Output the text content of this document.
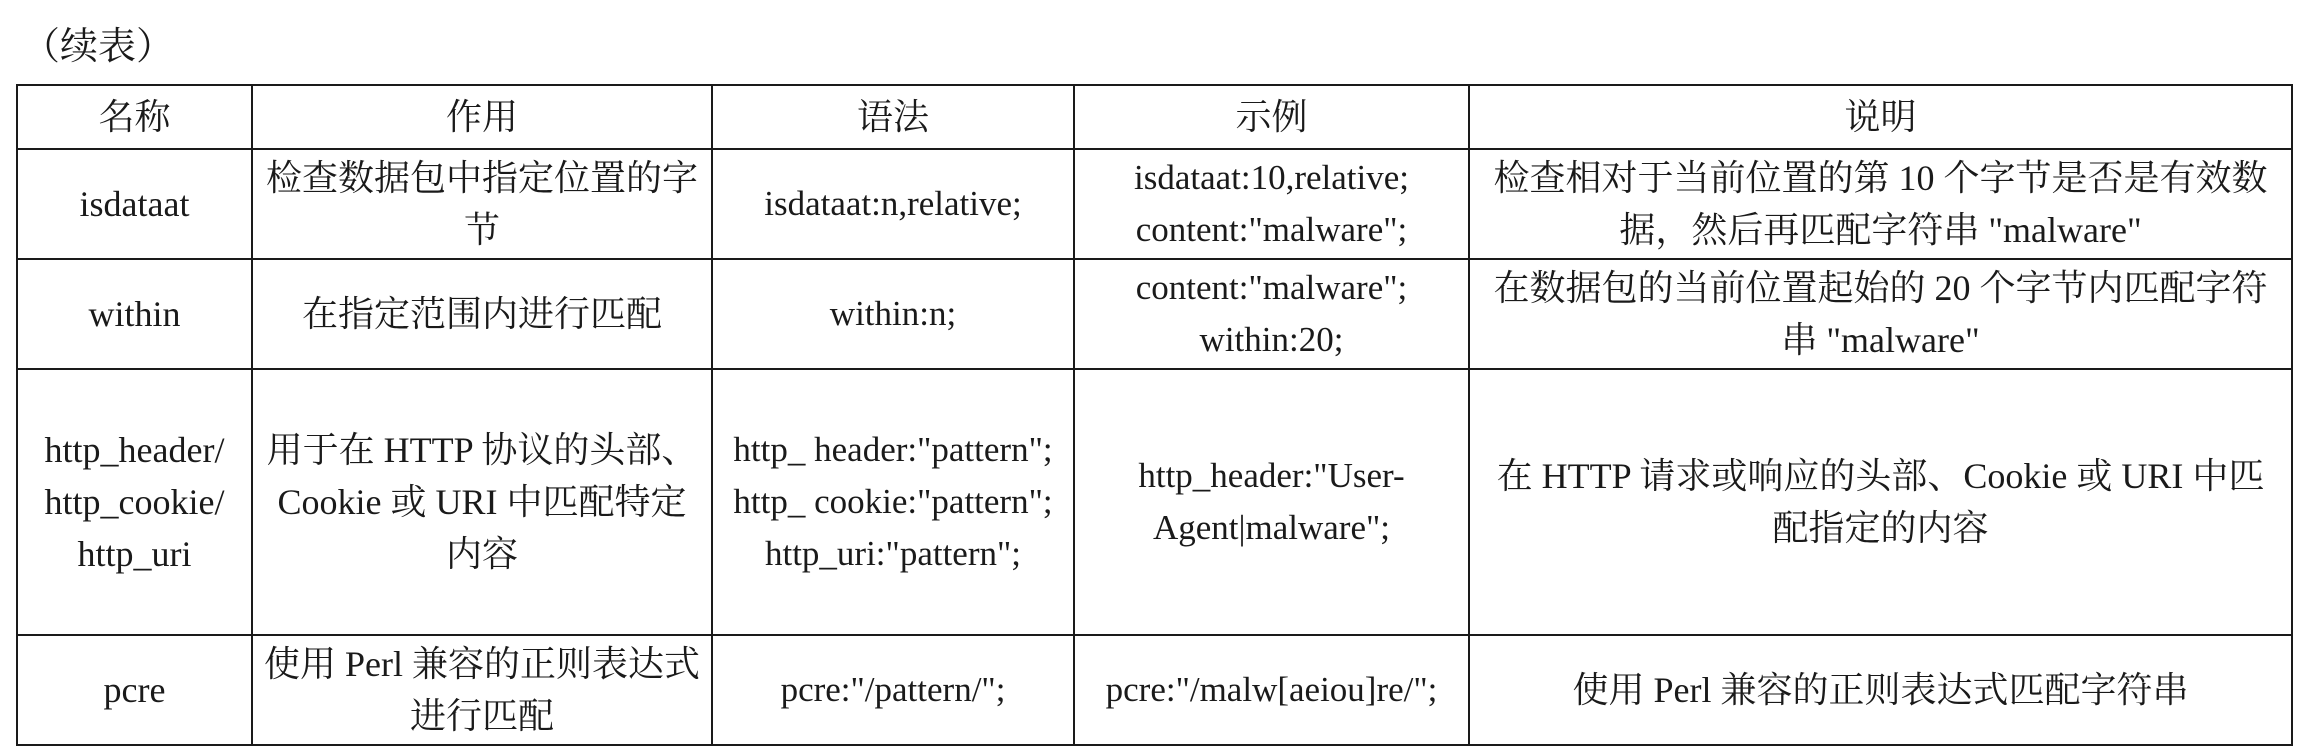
（续表）
名称	作用	语法	示例	说明
isdataat	检查数据包中指定位置的字节	isdataat:n,relative;	isdataat:10,relative; content:"malware";	检查相对于当前位置的第 10 个字节是否是有效数据，然后再匹配字符串 "malware"
within	在指定范围内进行匹配	within:n;	content:"malware"; within:20;	在数据包的当前位置起始的 20 个字节内匹配字符串 "malware"
http_header/ http_cookie/ http_uri	用于在 HTTP 协议的头部、Cookie 或 URI 中匹配特定内容	http_ header:"pattern"; http_ cookie:"pattern"; http_uri:"pattern";	http_header:"User-Agent|malware";	在 HTTP 请求或响应的头部、Cookie 或 URI 中匹配指定的内容
pcre	使用 Perl 兼容的正则表达式进行匹配	pcre:"/pattern/";	pcre:"/malw[aeiou]re/";	使用 Perl 兼容的正则表达式匹配字符串
